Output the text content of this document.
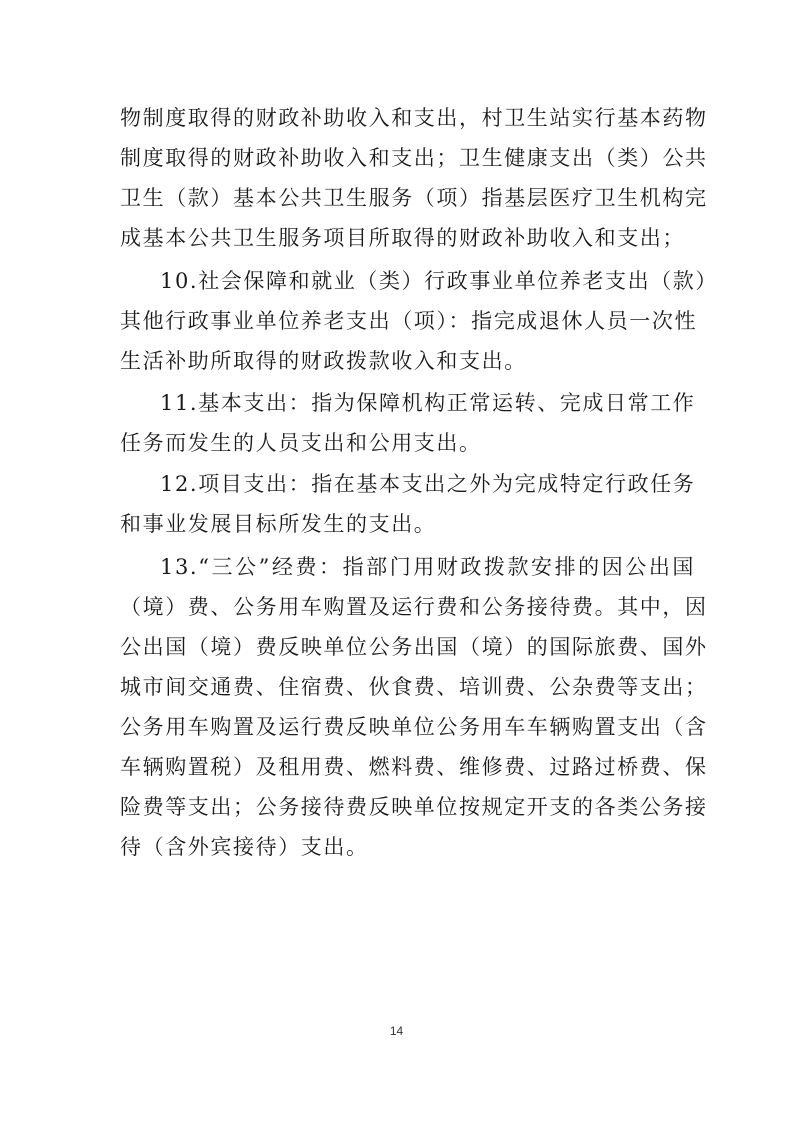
物制度取得的财政补助收入和支出，村卫生站实行基本药物
制度取得的财政补助收入和支出；卫生健康支出（类）公共
卫生（款）基本公共卫生服务（项）指基层医疗卫生机构完
成基本公共卫生服务项目所取得的财政补助收入和支出；

10.社会保障和就业（类）行政事业单位养老支出（款）
其他行政事业单位养老支出（项）：指完成退休人员一次性
生活补助所取得的财政拨款收入和支出。

11.基本支出：指为保障机构正常运转、完成日常工作
任务而发生的人员支出和公用支出。

12.项目支出：指在基本支出之外为完成特定行政任务
和事业发展目标所发生的支出。

13.“三公”经费：指部门用财政拨款安排的因公出国
（境）费、公务用车购置及运行费和公务接待费。其中，因
公出国（境）费反映单位公务出国（境）的国际旅费、国外
城市间交通费、住宿费、伙食费、培训费、公杂费等支出；
公务用车购置及运行费反映单位公务用车车辆购置支出（含
车辆购置税）及租用费、燃料费、维修费、过路过桥费、保
险费等支出；公务接待费反映单位按规定开支的各类公务接
待（含外宾接待）支出。

14
